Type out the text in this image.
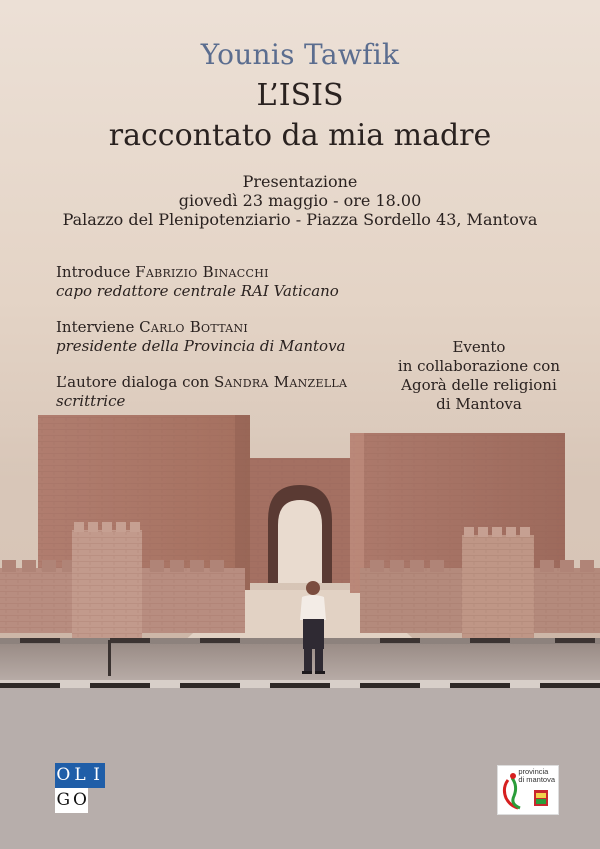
Younis Tawfik
L’ISIS
raccontato da mia madre
Presentazione
giovedì 23 maggio - ore 18.00
Palazzo del Plenipotenziario - Piazza Sordello 43, Mantova
Introduce Fabrizio Binacchi
capo redattore centrale RAI Vaticano
Interviene Carlo Bottani
presidente della Provincia di Mantova
L’autore dialoga con Sandra Manzella
scrittrice
Evento
in collaborazione con
Agorà delle religioni
di Mantova
O L I
G O
provincia
di mantova
